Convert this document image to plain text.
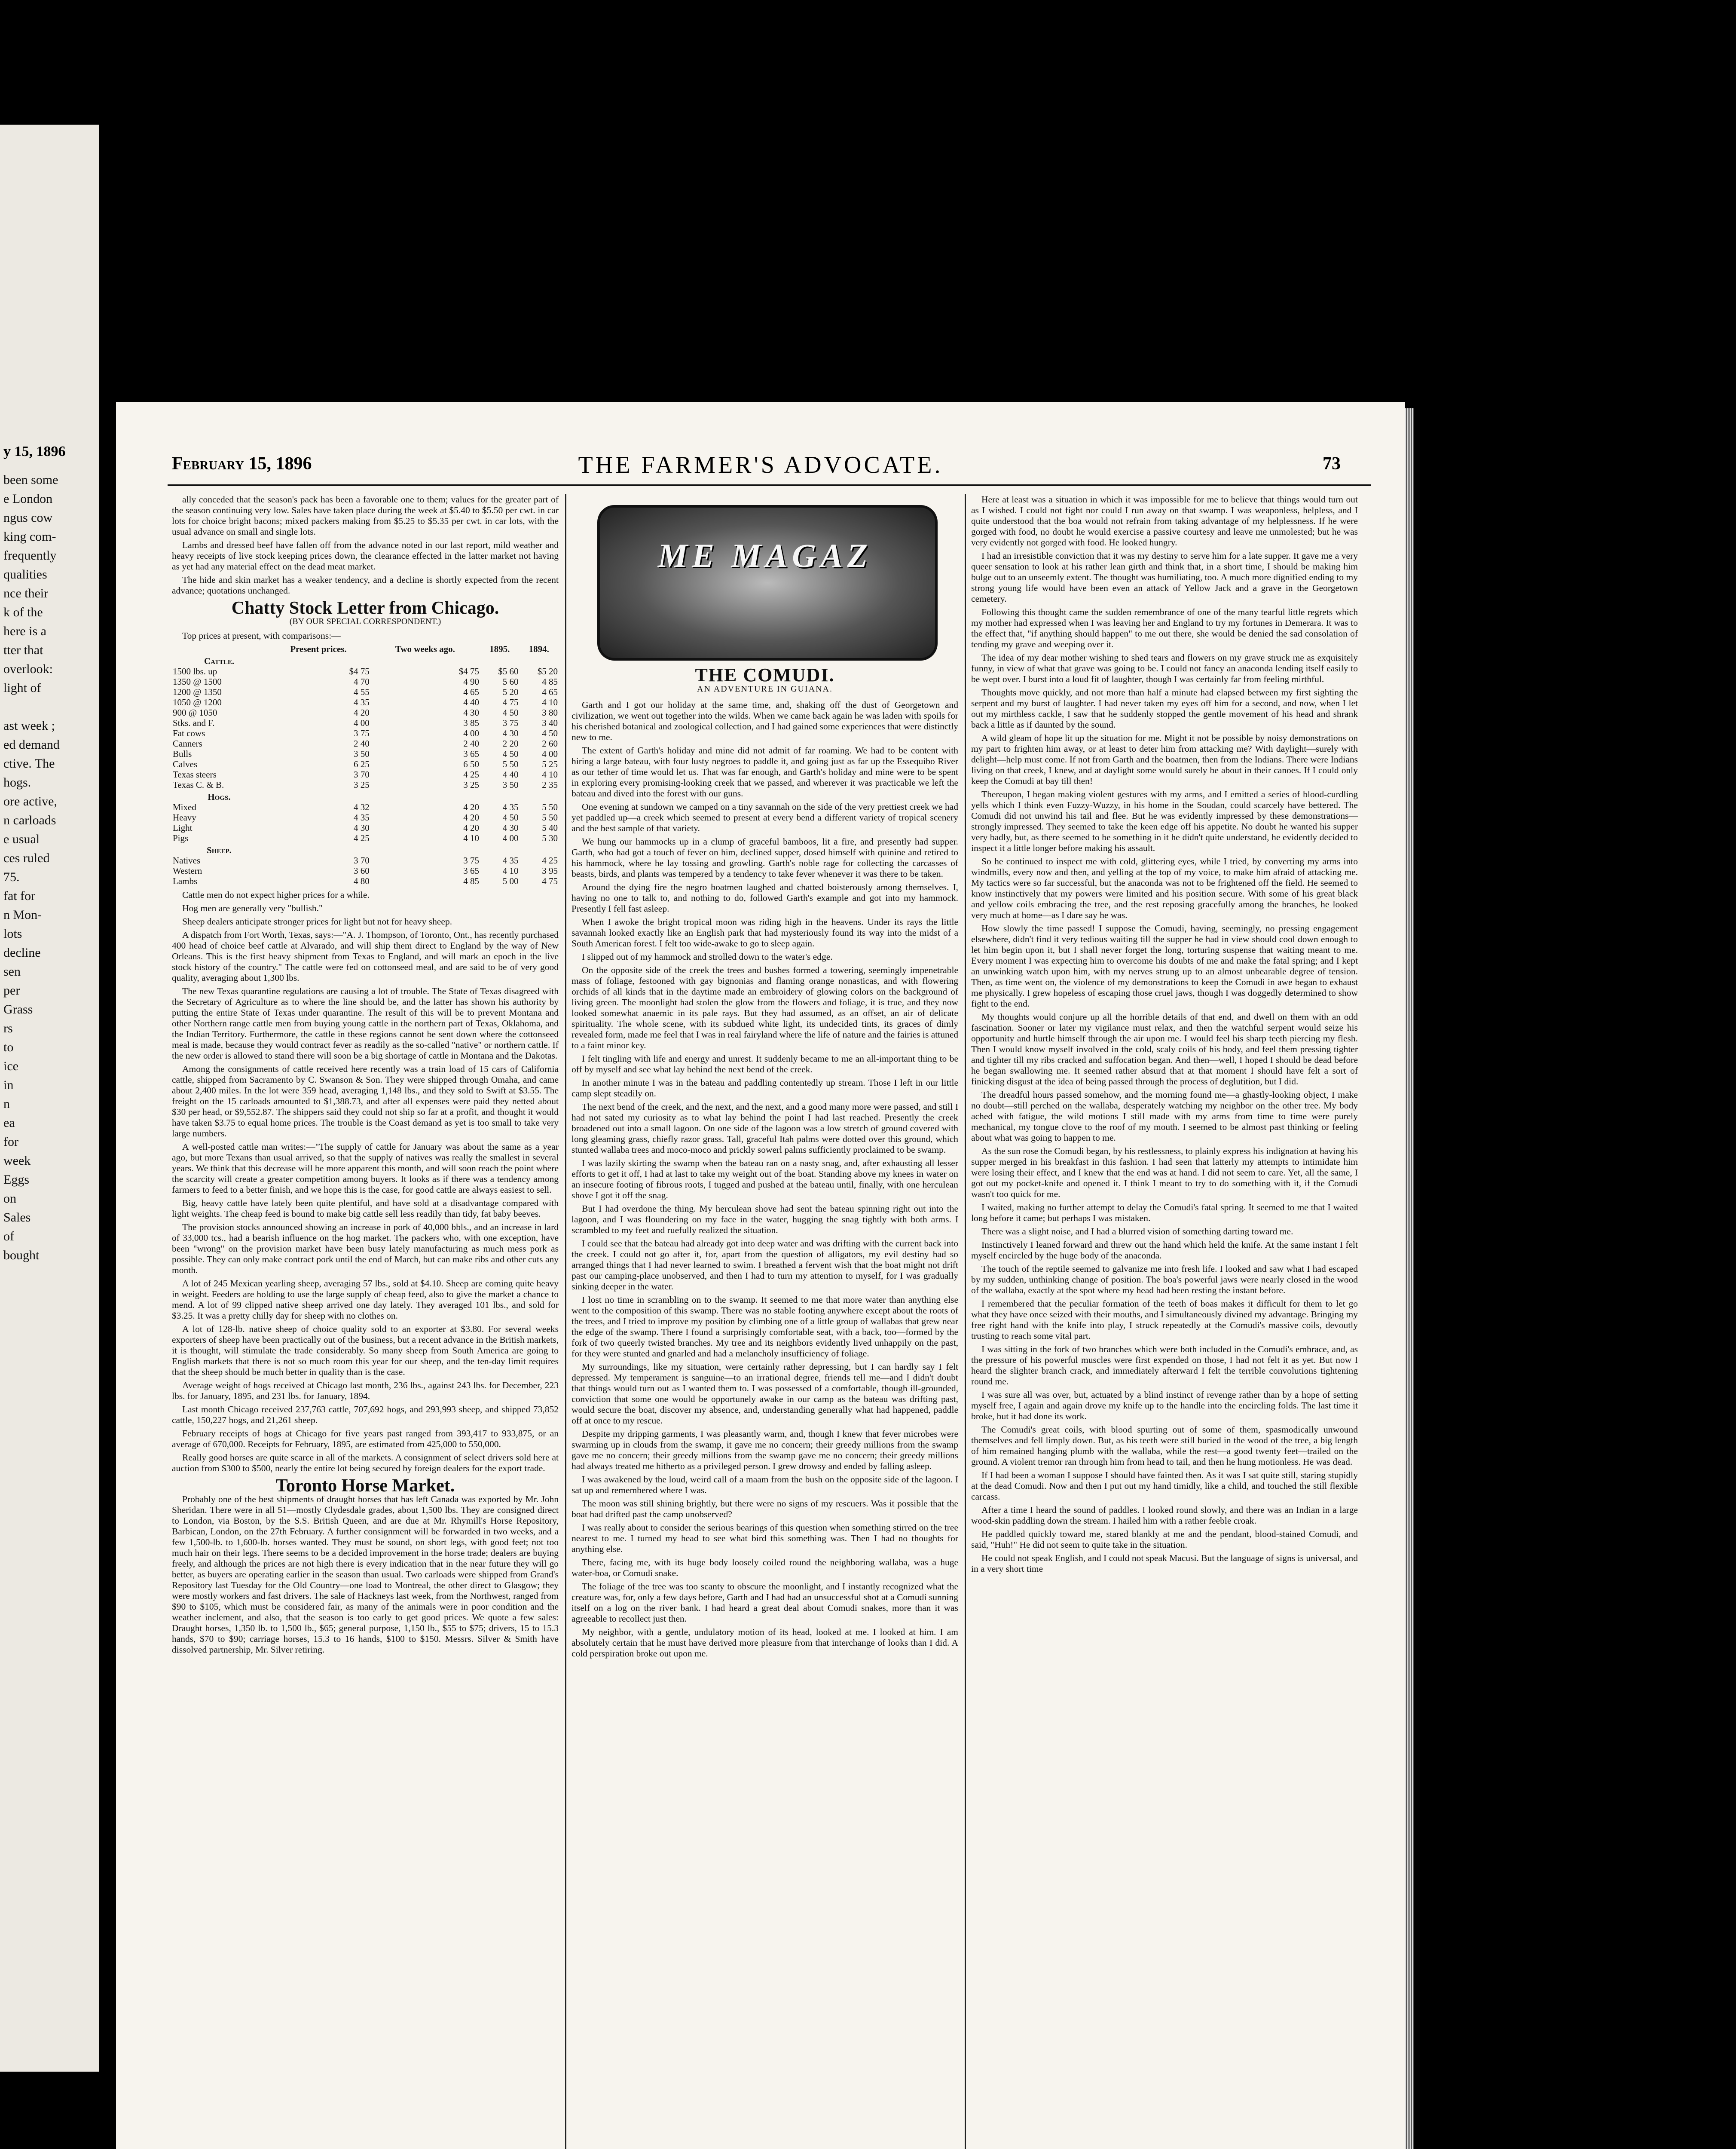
y 15, 1896
been some
e London
ngus cow
king com-
frequently
qualities
nce their
k of the
here is a
tter that
overlook:
light of
ast week ;
ed demand
ctive. The
hogs.
ore active,
n carloads
e usual
ces ruled
75.
fat for
n Mon-
lots
decline
sen
per
Grass
rs
to
ice
in
n
ea
for
week
Eggs
on
Sales
of
bought
February 15, 1896	THE FARMER'S ADVOCATE.	73

ally conceded that the season's pack has been a favorable one to them; values for the greater part of the season continuing very low. Sales have taken place during the week at $5.40 to $5.50 per cwt. in car lots for choice bright bacons; mixed packers making from $5.25 to $5.35 per cwt. in car lots, with the usual advance on small and single lots.

Lambs and dressed beef have fallen off from the advance noted in our last report, mild weather and heavy receipts of live stock keeping prices down, the clearance effected in the latter market not having as yet had any material effect on the dead meat market.

The hide and skin market has a weaker tendency, and a decline is shortly expected from the recent advance; quotations unchanged.

Chatty Stock Letter from Chicago.
(BY OUR SPECIAL CORRESPONDENT.)

Top prices at present, with comparisons:—

	Present prices.	Two weeks ago.	1895.	1894.
Cattle.				
1500 lbs. up	$4 75	$4 75	$5 60	$5 20
1350 @ 1500	4 70	4 90	5 60	4 85
1200 @ 1350	4 55	4 65	5 20	4 65
1050 @ 1200	4 35	4 40	4 75	4 10
900 @ 1050	4 20	4 30	4 50	3 80
Stks. and F.	4 00	3 85	3 75	3 40
Fat cows	3 75	4 00	4 30	4 50
Canners	2 40	2 40	2 20	2 60
Bulls	3 50	3 65	4 50	4 00
Calves	6 25	6 50	5 50	5 25
Texas steers	3 70	4 25	4 40	4 10
Texas C. & B.	3 25	3 25	3 50	2 35
Hogs.				
Mixed	4 32	4 20	4 35	5 50
Heavy	4 35	4 20	4 50	5 50
Light	4 30	4 20	4 30	5 40
Pigs	4 25	4 10	4 00	5 30
Sheep.				
Natives	3 70	3 75	4 35	4 25
Western	3 60	3 65	4 10	3 95
Lambs	4 80	4 85	5 00	4 75

Cattle men do not expect higher prices for a while.

Hog men are generally very "bullish."

Sheep dealers anticipate stronger prices for light but not for heavy sheep.

A dispatch from Fort Worth, Texas, says:—"A. J. Thompson, of Toronto, Ont., has recently purchased 400 head of choice beef cattle at Alvarado, and will ship them direct to England by the way of New Orleans. This is the first heavy shipment from Texas to England, and will mark an epoch in the live stock history of the country." The cattle were fed on cottonseed meal, and are said to be of very good quality, averaging about 1,300 lbs.

The new Texas quarantine regulations are causing a lot of trouble. The State of Texas disagreed with the Secretary of Agriculture as to where the line should be, and the latter has shown his authority by putting the entire State of Texas under quarantine. The result of this will be to prevent Montana and other Northern range cattle men from buying young cattle in the northern part of Texas, Oklahoma, and the Indian Territory. Furthermore, the cattle in these regions cannot be sent down where the cottonseed meal is made, because they would contract fever as readily as the so-called "native" or northern cattle. If the new order is allowed to stand there will soon be a big shortage of cattle in Montana and the Dakotas.

Among the consignments of cattle received here recently was a train load of 15 cars of California cattle, shipped from Sacramento by C. Swanson & Son. They were shipped through Omaha, and came about 2,400 miles. In the lot were 359 head, averaging 1,148 lbs., and they sold to Swift at $3.55. The freight on the 15 carloads amounted to $1,388.73, and after all expenses were paid they netted about $30 per head, or $9,552.87. The shippers said they could not ship so far at a profit, and thought it would have taken $3.75 to equal home prices. The trouble is the Coast demand as yet is too small to take very large numbers.

A well-posted cattle man writes:—"The supply of cattle for January was about the same as a year ago, but more Texans than usual arrived, so that the supply of natives was really the smallest in several years. We think that this decrease will be more apparent this month, and will soon reach the point where the scarcity will create a greater competition among buyers. It looks as if there was a tendency among farmers to feed to a better finish, and we hope this is the case, for good cattle are always easiest to sell.

Big, heavy cattle have lately been quite plentiful, and have sold at a disadvantage compared with light weights. The cheap feed is bound to make big cattle sell less readily than tidy, fat baby beeves.

The provision stocks announced showing an increase in pork of 40,000 bbls., and an increase in lard of 33,000 tcs., had a bearish influence on the hog market. The packers who, with one exception, have been "wrong" on the provision market have been busy lately manufacturing as much mess pork as possible. They can only make contract pork until the end of March, but can make ribs and other cuts any month.

A lot of 245 Mexican yearling sheep, averaging 57 lbs., sold at $4.10. Sheep are coming quite heavy in weight. Feeders are holding to use the large supply of cheap feed, also to give the market a chance to mend. A lot of 99 clipped native sheep arrived one day lately. They averaged 101 lbs., and sold for $3.25. It was a pretty chilly day for sheep with no clothes on.

A lot of 128-lb. native sheep of choice quality sold to an exporter at $3.80. For several weeks exporters of sheep have been practically out of the business, but a recent advance in the British markets, it is thought, will stimulate the trade considerably. So many sheep from South America are going to English markets that there is not so much room this year for our sheep, and the ten-day limit requires that the sheep should be much better in quality than is the case.

Average weight of hogs received at Chicago last month, 236 lbs., against 243 lbs. for December, 223 lbs. for January, 1895, and 231 lbs. for January, 1894.

Last month Chicago received 237,763 cattle, 707,692 hogs, and 293,993 sheep, and shipped 73,852 cattle, 150,227 hogs, and 21,261 sheep.

February receipts of hogs at Chicago for five years past ranged from 393,417 to 933,875, or an average of 670,000. Receipts for February, 1895, are estimated from 425,000 to 550,000.

Really good horses are quite scarce in all of the markets. A consignment of select drivers sold here at auction from $300 to $500, nearly the entire lot being secured by foreign dealers for the export trade.

Toronto Horse Market.

Probably one of the best shipments of draught horses that has left Canada was exported by Mr. John Sheridan. There were in all 51—mostly Clydesdale grades, about 1,500 lbs. They are consigned direct to London, via Boston, by the S.S. British Queen, and are due at Mr. Rhymill's Horse Repository, Barbican, London, on the 27th February. A further consignment will be forwarded in two weeks, and a few 1,500-lb. to 1,600-lb. horses wanted. They must be sound, on short legs, with good feet; not too much hair on their legs. There seems to be a decided improvement in the horse trade; dealers are buying freely, and although the prices are not high there is every indication that in the near future they will go better, as buyers are operating earlier in the season than usual. Two carloads were shipped from Grand's Repository last Tuesday for the Old Country—one load to Montreal, the other direct to Glasgow; they were mostly workers and fast drivers. The sale of Hackneys last week, from the Northwest, ranged from $90 to $105, which must be considered fair, as many of the animals were in poor condition and the weather inclement, and also, that the season is too early to get good prices. We quote a few sales: Draught horses, 1,350 lb. to 1,500 lb., $65; general purpose, 1,150 lb., $55 to $75; drivers, 15 to 15.3 hands, $70 to $90; carriage horses, 15.3 to 16 hands, $100 to $150. Messrs. Silver & Smith have dissolved partnership, Mr. Silver retiring.

ME MAGAZ
THE COMUDI.
AN ADVENTURE IN GUIANA.

Garth and I got our holiday at the same time, and, shaking off the dust of Georgetown and civilization, we went out together into the wilds. When we came back again he was laden with spoils for his cherished botanical and zoological collection, and I had gained some experiences that were distinctly new to me.

The extent of Garth's holiday and mine did not admit of far roaming. We had to be content with hiring a large bateau, with four lusty negroes to paddle it, and going just as far up the Essequibo River as our tether of time would let us. That was far enough, and Garth's holiday and mine were to be spent in exploring every promising-looking creek that we passed, and wherever it was practicable we left the bateau and dived into the forest with our guns.

One evening at sundown we camped on a tiny savannah on the side of the very prettiest creek we had yet paddled up—a creek which seemed to present at every bend a different variety of tropical scenery and the best sample of that variety.

We hung our hammocks up in a clump of graceful bamboos, lit a fire, and presently had supper. Garth, who had got a touch of fever on him, declined supper, dosed himself with quinine and retired to his hammock, where he lay tossing and growling. Garth's noble rage for collecting the carcasses of beasts, birds, and plants was tempered by a tendency to take fever whenever it was there to be taken.

Around the dying fire the negro boatmen laughed and chatted boisterously among themselves. I, having no one to talk to, and nothing to do, followed Garth's example and got into my hammock. Presently I fell fast asleep.

When I awoke the bright tropical moon was riding high in the heavens. Under its rays the little savannah looked exactly like an English park that had mysteriously found its way into the midst of a South American forest. I felt too wide-awake to go to sleep again.

I slipped out of my hammock and strolled down to the water's edge.

On the opposite side of the creek the trees and bushes formed a towering, seemingly impenetrable mass of foliage, festooned with gay bignonias and flaming orange nonasticas, and with flowering orchids of all kinds that in the daytime made an embroidery of glowing colors on the background of living green. The moonlight had stolen the glow from the flowers and foliage, it is true, and they now looked somewhat anaemic in its pale rays. But they had assumed, as an offset, an air of delicate spirituality. The whole scene, with its subdued white light, its undecided tints, its graces of dimly revealed form, made me feel that I was in real fairyland where the life of nature and the fairies is attuned to a faint minor key.

I felt tingling with life and energy and unrest. It suddenly became to me an all-important thing to be off by myself and see what lay behind the next bend of the creek.

In another minute I was in the bateau and paddling contentedly up stream. Those I left in our little camp slept steadily on.

The next bend of the creek, and the next, and the next, and a good many more were passed, and still I had not sated my curiosity as to what lay behind the point I had last reached. Presently the creek broadened out into a small lagoon. On one side of the lagoon was a low stretch of ground covered with long gleaming grass, chiefly razor grass. Tall, graceful Itah palms were dotted over this ground, which stunted wallaba trees and moco-moco and prickly sowerl palms sufficiently proclaimed to be swamp.

I was lazily skirting the swamp when the bateau ran on a nasty snag, and, after exhausting all lesser efforts to get it off, I had at last to take my weight out of the boat. Standing above my knees in water on an insecure footing of fibrous roots, I tugged and pushed at the bateau until, finally, with one herculean shove I got it off the snag.

But I had overdone the thing. My herculean shove had sent the bateau spinning right out into the lagoon, and I was floundering on my face in the water, hugging the snag tightly with both arms. I scrambled to my feet and ruefully realized the situation.

I could see that the bateau had already got into deep water and was drifting with the current back into the creek. I could not go after it, for, apart from the question of alligators, my evil destiny had so arranged things that I had never learned to swim. I breathed a fervent wish that the boat might not drift past our camping-place unobserved, and then I had to turn my attention to myself, for I was gradually sinking deeper in the water.

I lost no time in scrambling on to the swamp. It seemed to me that more water than anything else went to the composition of this swamp. There was no stable footing anywhere except about the roots of the trees, and I tried to improve my position by climbing one of a little group of wallabas that grew near the edge of the swamp. There I found a surprisingly comfortable seat, with a back, too—formed by the fork of two queerly twisted branches. My tree and its neighbors evidently lived unhappily on the past, for they were stunted and gnarled and had a melancholy insufficiency of foliage.

My surroundings, like my situation, were certainly rather depressing, but I can hardly say I felt depressed. My temperament is sanguine—to an irrational degree, friends tell me—and I didn't doubt that things would turn out as I wanted them to. I was possessed of a comfortable, though ill-grounded, conviction that some one would be opportunely awake in our camp as the bateau was drifting past, would secure the boat, discover my absence, and, understanding generally what had happened, paddle off at once to my rescue.

Despite my dripping garments, I was pleasantly warm, and, though I knew that fever microbes were swarming up in clouds from the swamp, it gave me no concern; their greedy millions from the swamp gave me no concern; their greedy millions from the swamp gave me no concern; their greedy millions had always treated me hitherto as a privileged person. I grew drowsy and ended by falling asleep.

I was awakened by the loud, weird call of a maam from the bush on the opposite side of the lagoon. I sat up and remembered where I was.

The moon was still shining brightly, but there were no signs of my rescuers. Was it possible that the boat had drifted past the camp unobserved?

I was really about to consider the serious bearings of this question when something stirred on the tree nearest to me. I turned my head to see what bird this something was. Then I had no thoughts for anything else.

There, facing me, with its huge body loosely coiled round the neighboring wallaba, was a huge water-boa, or Comudi snake.

The foliage of the tree was too scanty to obscure the moonlight, and I instantly recognized what the creature was, for, only a few days before, Garth and I had had an unsuccessful shot at a Comudi sunning itself on a log on the river bank. I had heard a great deal about Comudi snakes, more than it was agreeable to recollect just then.

My neighbor, with a gentle, undulatory motion of its head, looked at me. I looked at him. I am absolutely certain that he must have derived more pleasure from that interchange of looks than I did. A cold perspiration broke out upon me.

Here at least was a situation in which it was impossible for me to believe that things would turn out as I wished. I could not fight nor could I run away on that swamp. I was weaponless, helpless, and I quite understood that the boa would not refrain from taking advantage of my helplessness. If he were gorged with food, no doubt he would exercise a passive courtesy and leave me unmolested; but he was very evidently not gorged with food. He looked hungry.

I had an irresistible conviction that it was my destiny to serve him for a late supper. It gave me a very queer sensation to look at his rather lean girth and think that, in a short time, I should be making him bulge out to an unseemly extent. The thought was humiliating, too. A much more dignified ending to my strong young life would have been even an attack of Yellow Jack and a grave in the Georgetown cemetery.

Following this thought came the sudden remembrance of one of the many tearful little regrets which my mother had expressed when I was leaving her and England to try my fortunes in Demerara. It was to the effect that, "if anything should happen" to me out there, she would be denied the sad consolation of tending my grave and weeping over it.

The idea of my dear mother wishing to shed tears and flowers on my grave struck me as exquisitely funny, in view of what that grave was going to be. I could not fancy an anaconda lending itself easily to be wept over. I burst into a loud fit of laughter, though I was certainly far from feeling mirthful.

Thoughts move quickly, and not more than half a minute had elapsed between my first sighting the serpent and my burst of laughter. I had never taken my eyes off him for a second, and now, when I let out my mirthless cackle, I saw that he suddenly stopped the gentle movement of his head and shrank back a little as if daunted by the sound.

A wild gleam of hope lit up the situation for me. Might it not be possible by noisy demonstrations on my part to frighten him away, or at least to deter him from attacking me? With daylight—surely with delight—help must come. If not from Garth and the boatmen, then from the Indians. There were Indians living on that creek, I knew, and at daylight some would surely be about in their canoes. If I could only keep the Comudi at bay till then!

Thereupon, I began making violent gestures with my arms, and I emitted a series of blood-curdling yells which I think even Fuzzy-Wuzzy, in his home in the Soudan, could scarcely have bettered. The Comudi did not unwind his tail and flee. But he was evidently impressed by these demonstrations—strongly impressed. They seemed to take the keen edge off his appetite. No doubt he wanted his supper very badly, but, as there seemed to be something in it he didn't quite understand, he evidently decided to inspect it a little longer before making his assault.

So he continued to inspect me with cold, glittering eyes, while I tried, by converting my arms into windmills, every now and then, and yelling at the top of my voice, to make him afraid of attacking me. My tactics were so far successful, but the anaconda was not to be frightened off the field. He seemed to know instinctively that my powers were limited and his position secure. With some of his great black and yellow coils embracing the tree, and the rest reposing gracefully among the branches, he looked very much at home—as I dare say he was.

How slowly the time passed! I suppose the Comudi, having, seemingly, no pressing engagement elsewhere, didn't find it very tedious waiting till the supper he had in view should cool down enough to let him begin upon it, but I shall never forget the long, torturing suspense that waiting meant to me. Every moment I was expecting him to overcome his doubts of me and make the fatal spring; and I kept an unwinking watch upon him, with my nerves strung up to an almost unbearable degree of tension. Then, as time went on, the violence of my demonstrations to keep the Comudi in awe began to exhaust me physically. I grew hopeless of escaping those cruel jaws, though I was doggedly determined to show fight to the end.

My thoughts would conjure up all the horrible details of that end, and dwell on them with an odd fascination. Sooner or later my vigilance must relax, and then the watchful serpent would seize his opportunity and hurtle himself through the air upon me. I would feel his sharp teeth piercing my flesh. Then I would know myself involved in the cold, scaly coils of his body, and feel them pressing tighter and tighter till my ribs cracked and suffocation began. And then—well, I hoped I should be dead before he began swallowing me. It seemed rather absurd that at that moment I should have felt a sort of finicking disgust at the idea of being passed through the process of deglutition, but I did.

The dreadful hours passed somehow, and the morning found me—a ghastly-looking object, I make no doubt—still perched on the wallaba, desperately watching my neighbor on the other tree. My body ached with fatigue, the wild motions I still made with my arms from time to time were purely mechanical, my tongue clove to the roof of my mouth. I seemed to be almost past thinking or feeling about what was going to happen to me.

As the sun rose the Comudi began, by his restlessness, to plainly express his indignation at having his supper merged in his breakfast in this fashion. I had seen that latterly my attempts to intimidate him were losing their effect, and I knew that the end was at hand. I did not seem to care. Yet, all the same, I got out my pocket-knife and opened it. I think I meant to try to do something with it, if the Comudi wasn't too quick for me.

I waited, making no further attempt to delay the Comudi's fatal spring. It seemed to me that I waited long before it came; but perhaps I was mistaken.

There was a slight noise, and I had a blurred vision of something darting toward me.

Instinctively I leaned forward and threw out the hand which held the knife. At the same instant I felt myself encircled by the huge body of the anaconda.

The touch of the reptile seemed to galvanize me into fresh life. I looked and saw what I had escaped by my sudden, unthinking change of position. The boa's powerful jaws were nearly closed in the wood of the wallaba, exactly at the spot where my head had been resting the instant before.

I remembered that the peculiar formation of the teeth of boas makes it difficult for them to let go what they have once seized with their mouths, and I simultaneously divined my advantage. Bringing my free right hand with the knife into play, I struck repeatedly at the Comudi's massive coils, devoutly trusting to reach some vital part.

I was sitting in the fork of two branches which were both included in the Comudi's embrace, and, as the pressure of his powerful muscles were first expended on those, I had not felt it as yet. But now I heard the slighter branch crack, and immediately afterward I felt the terrible convolutions tightening round me.

I was sure all was over, but, actuated by a blind instinct of revenge rather than by a hope of setting myself free, I again and again drove my knife up to the handle into the encircling folds. The last time it broke, but it had done its work.

The Comudi's great coils, with blood spurting out of some of them, spasmodically unwound themselves and fell limply down. But, as his teeth were still buried in the wood of the tree, a big length of him remained hanging plumb with the wallaba, while the rest—a good twenty feet—trailed on the ground. A violent tremor ran through him from head to tail, and then he hung motionless. He was dead.

If I had been a woman I suppose I should have fainted then. As it was I sat quite still, staring stupidly at the dead Comudi. Now and then I put out my hand timidly, like a child, and touched the still flexible carcass.

After a time I heard the sound of paddles. I looked round slowly, and there was an Indian in a large wood-skin paddling down the stream. I hailed him with a rather feeble croak.

He paddled quickly toward me, stared blankly at me and the pendant, blood-stained Comudi, and said, "Huh!" He did not seem to quite take in the situation.

He could not speak English, and I could not speak Macusi. But the language of signs is universal, and in a very short time
